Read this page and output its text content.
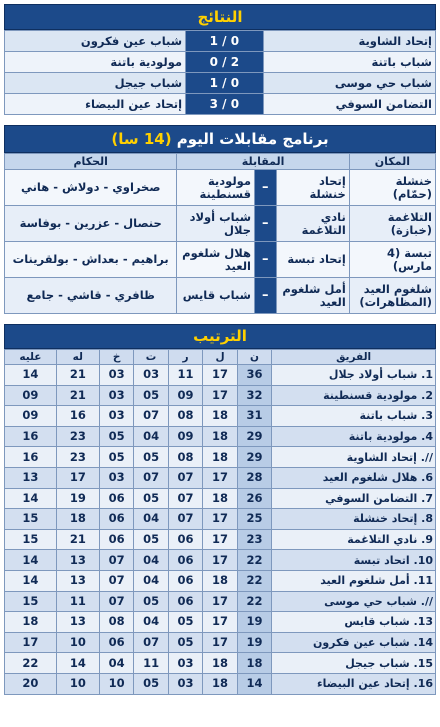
النتائج
إتحاد الشاوية	0 / 1	شباب عين فكرون
شباب باتنة	2 / 0	مولودية باتنة
شباب حي موسى	0 / 1	شباب جيجل
التضامن السوفي	0 / 3	إتحاد عين البيضاء
برنامج مقابلات اليوم (14 سا)
المكان	المقابلة			الحكام
خنشلة (حمّام)	إتحاد خنشلة	–	مولودية قسنطينة	صخراوي - دولاش - هاني
التلاغمة (خبازة)	نادي التلاغمة	–	شباب أولاد جلال	حنصال - عزرين - بوفاسة
تبسة (4 مارس)	إتحاد تبسة	–	هلال شلغوم العيد	براهيم - بعداش - بولقرينات
شلغوم العيد (المظاهرات)	أمل شلغوم العيد	–	شباب قايس	ظافري - قاشي - جامع
الترتيب
الفريق	ن	ل	ر	ت	خ	له	عليه
1. شباب أولاد جلال	36	17	11	03	03	21	14
2. مولودية قسنطينة	32	17	09	05	03	21	09
3. شباب باتنة	31	18	08	07	03	16	09
4. مولودية باتنة	29	18	09	04	05	23	16
//. إتحاد الشاوية	29	18	08	05	05	23	16
6. هلال شلغوم العيد	28	17	07	07	03	17	13
7. التضامن السوفي	26	18	07	05	06	19	14
8. إتحاد خنشلة	25	17	07	04	06	18	15
9. نادي التلاغمة	23	17	06	05	06	21	15
10. اتحاد تبسة	22	17	06	04	07	13	14
11. أمل شلغوم العيد	22	18	06	04	07	13	14
//. شباب حي موسى	22	17	06	05	07	11	15
13. شباب قايس	19	17	05	04	08	13	18
14. شباب عين فكرون	19	17	05	07	06	10	17
15. شباب جيجل	18	18	03	11	04	14	22
16. إتحاد عين البيضاء	14	18	03	05	10	10	20
